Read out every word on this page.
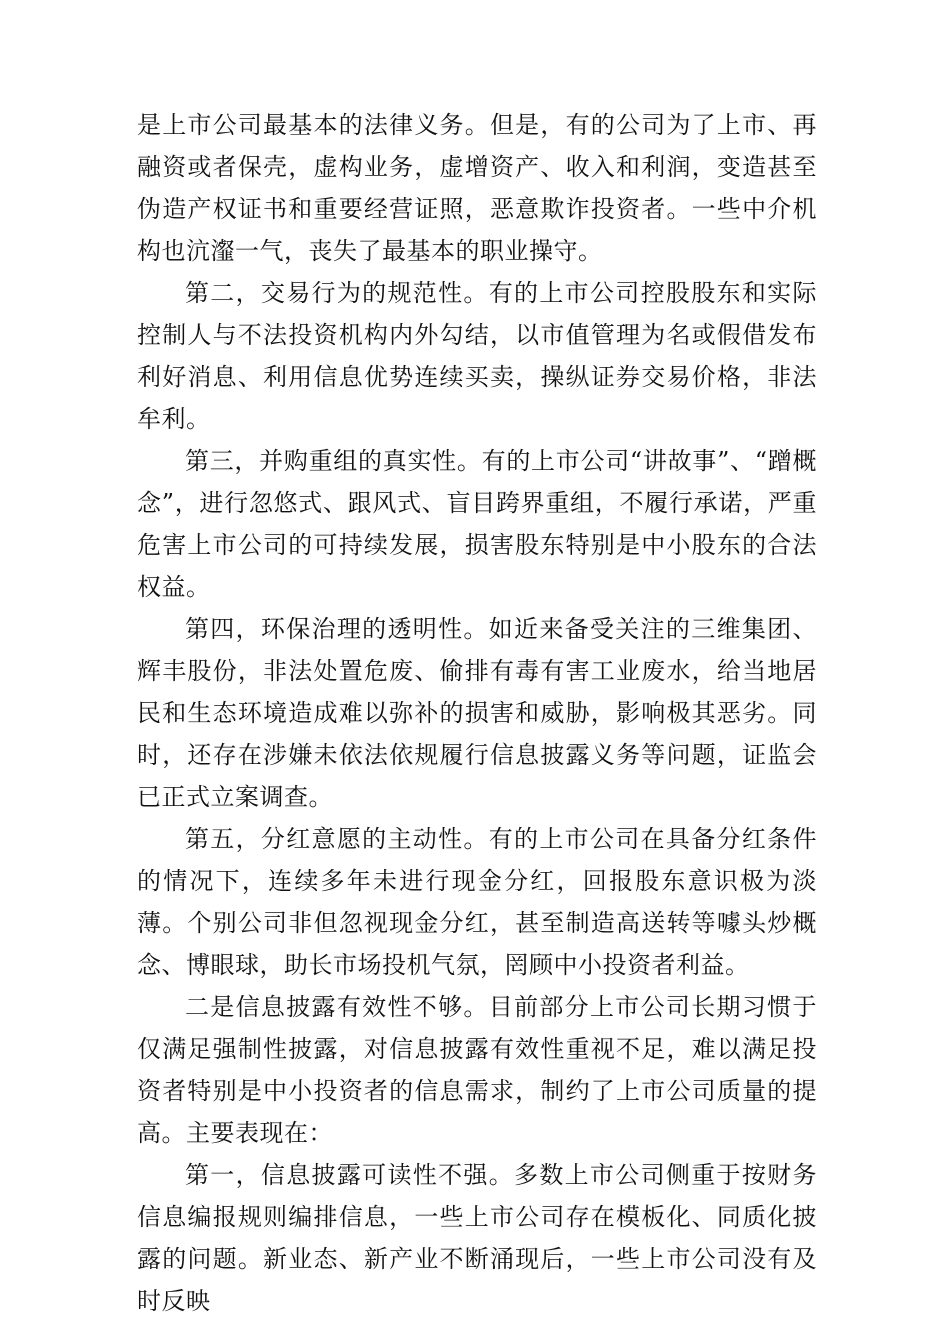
是上市公司最基本的法律义务。但是，有的公司为了上市、再融资或者保壳，虚构业务，虚增资产、收入和利润，变造甚至伪造产权证书和重要经营证照，恶意欺诈投资者。一些中介机构也沆瀣一气，丧失了最基本的职业操守。

第二，交易行为的规范性。有的上市公司控股股东和实际控制人与不法投资机构内外勾结，以市值管理为名或假借发布利好消息、利用信息优势连续买卖，操纵证券交易价格，非法牟利。

第三，并购重组的真实性。有的上市公司“讲故事”、“蹭概念”，进行忽悠式、跟风式、盲目跨界重组，不履行承诺，严重危害上市公司的可持续发展，损害股东特别是中小股东的合法权益。

第四，环保治理的透明性。如近来备受关注的三维集团、辉丰股份，非法处置危废、偷排有毒有害工业废水，给当地居民和生态环境造成难以弥补的损害和威胁，影响极其恶劣。同时，还存在涉嫌未依法依规履行信息披露义务等问题，证监会已正式立案调查。

第五，分红意愿的主动性。有的上市公司在具备分红条件的情况下，连续多年未进行现金分红，回报股东意识极为淡薄。个别公司非但忽视现金分红，甚至制造高送转等噱头炒概念、博眼球，助长市场投机气氛，罔顾中小投资者利益。

二是信息披露有效性不够。目前部分上市公司长期习惯于仅满足强制性披露，对信息披露有效性重视不足，难以满足投资者特别是中小投资者的信息需求，制约了上市公司质量的提高。主要表现在：

第一，信息披露可读性不强。多数上市公司侧重于按财务信息编报规则编排信息，一些上市公司存在模板化、同质化披露的问题。新业态、新产业不断涌现后，一些上市公司没有及时反映
